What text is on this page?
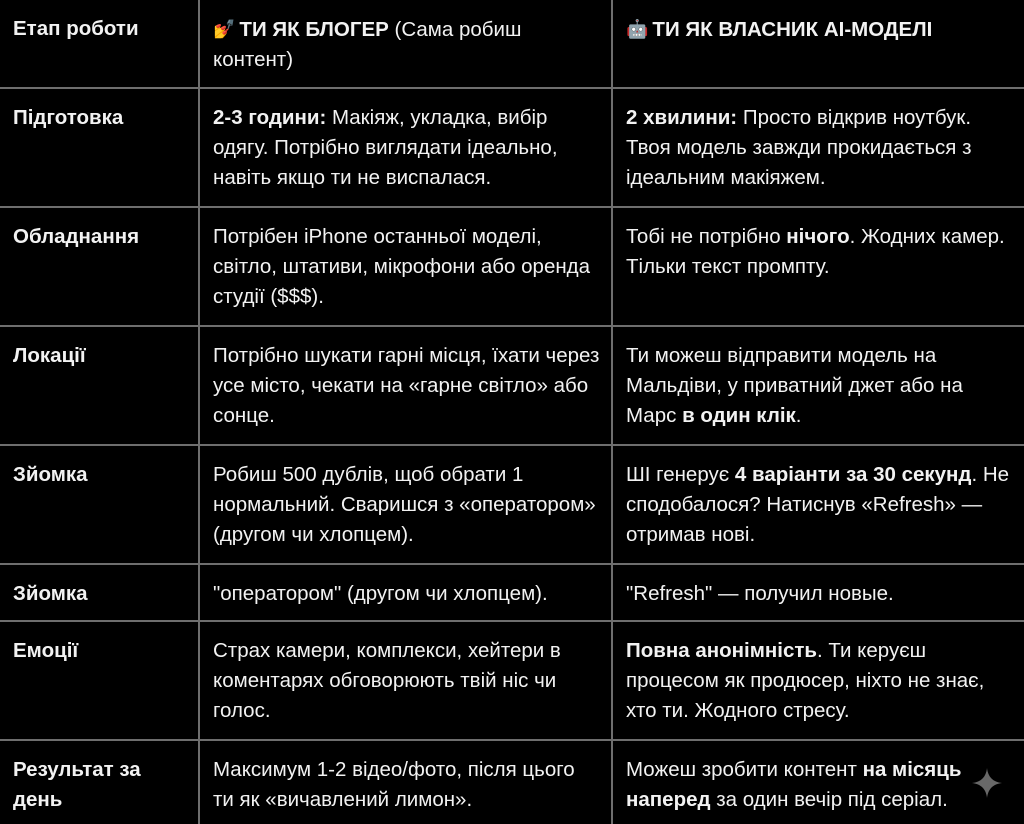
Етап роботи	💅 ТИ ЯК БЛОГЕР (Сама робиш контент)	🤖 ТИ ЯК ВЛАСНИК AI-МОДЕЛІ
Підготовка	2-3 години: Макіяж, укладка, вибір одягу. Потрібно виглядати ідеально, навіть якщо ти не виспалася.	2 хвилини: Просто відкрив ноутбук. Твоя модель завжди прокидається з ідеальним макіяжем.
Обладнання	Потрібен iPhone останньої моделі, світло, штативи, мікрофони або оренда студії ($$$).	Тобі не потрібно нічого. Жодних камер. Тільки текст промпту.
Локації	Потрібно шукати гарні місця, їхати через усе місто, чекати на «гарне світло» або сонце.	Ти можеш відправити модель на Мальдіви, у приватний джет або на Марс в один клік.
Зйомка	Робиш 500 дублів, щоб обрати 1 нормальний. Сваришся з «оператором» (другом чи хлопцем).	ШІ генерує 4 варіанти за 30 секунд. Не сподобалося? Натиснув «Refresh» — отримав нові.
Зйомка	"оператором" (другом чи хлопцем).	"Refresh" — получил новые.
Емоції	Страх камери, комплекси, хейтери в коментарях обговорюють твій ніс чи голос.	Повна анонімність. Ти керуєш процесом як продюсер, ніхто не знає, хто ти. Жодного стресу.
Результат за день	Максимум 1-2 відео/фото, після цього ти як «вичавлений лимон».	Можеш зробити контент на місяць наперед за один вечір під серіал.
